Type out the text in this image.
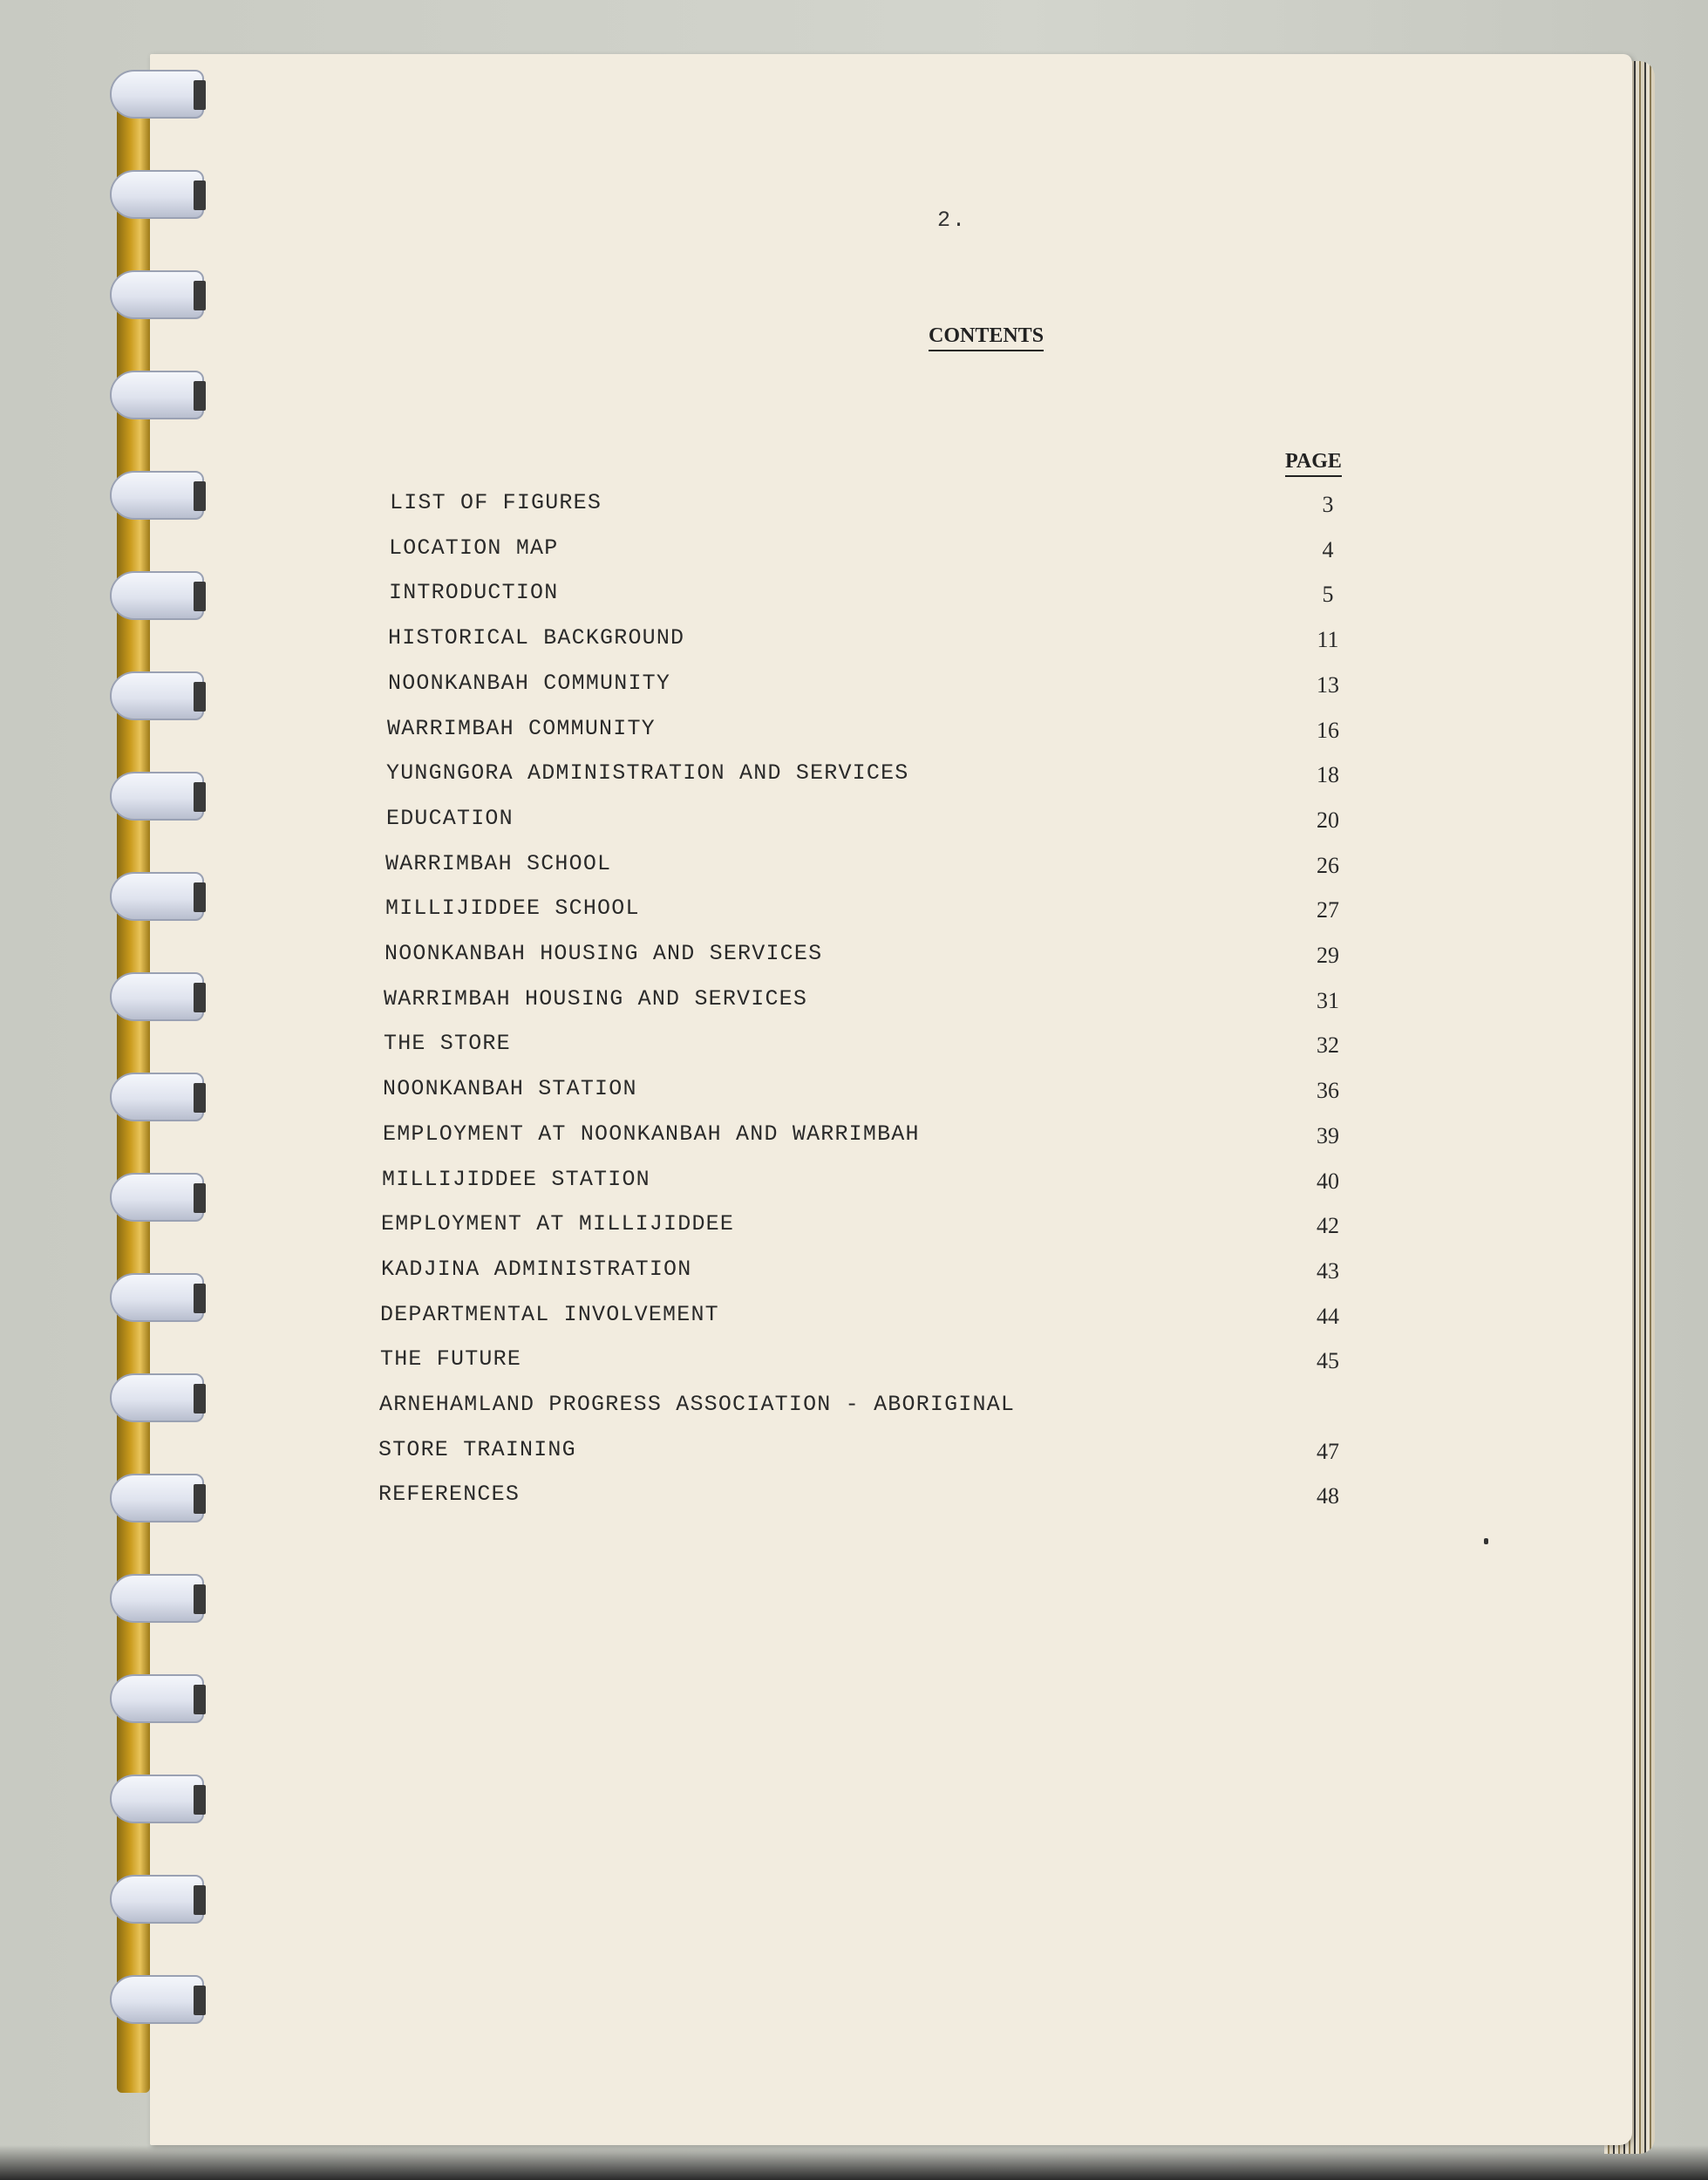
2.
CONTENTS
PAGE
LIST OF FIGURES	3
LOCATION MAP	4
INTRODUCTION	5
HISTORICAL BACKGROUND	11
NOONKANBAH COMMUNITY	13
WARRIMBAH COMMUNITY	16
YUNGNGORA ADMINISTRATION AND SERVICES	18
EDUCATION	20
WARRIMBAH SCHOOL	26
MILLIJIDDEE SCHOOL	27
NOONKANBAH HOUSING AND SERVICES	29
WARRIMBAH HOUSING AND SERVICES	31
THE STORE	32
NOONKANBAH STATION	36
EMPLOYMENT AT NOONKANBAH AND WARRIMBAH	39
MILLIJIDDEE STATION	40
EMPLOYMENT AT MILLIJIDDEE	42
KADJINA ADMINISTRATION	43
DEPARTMENTAL INVOLVEMENT	44
THE FUTURE	45
ARNEHAMLAND PROGRESS ASSOCIATION - ABORIGINAL
STORE TRAINING	47
REFERENCES	48
